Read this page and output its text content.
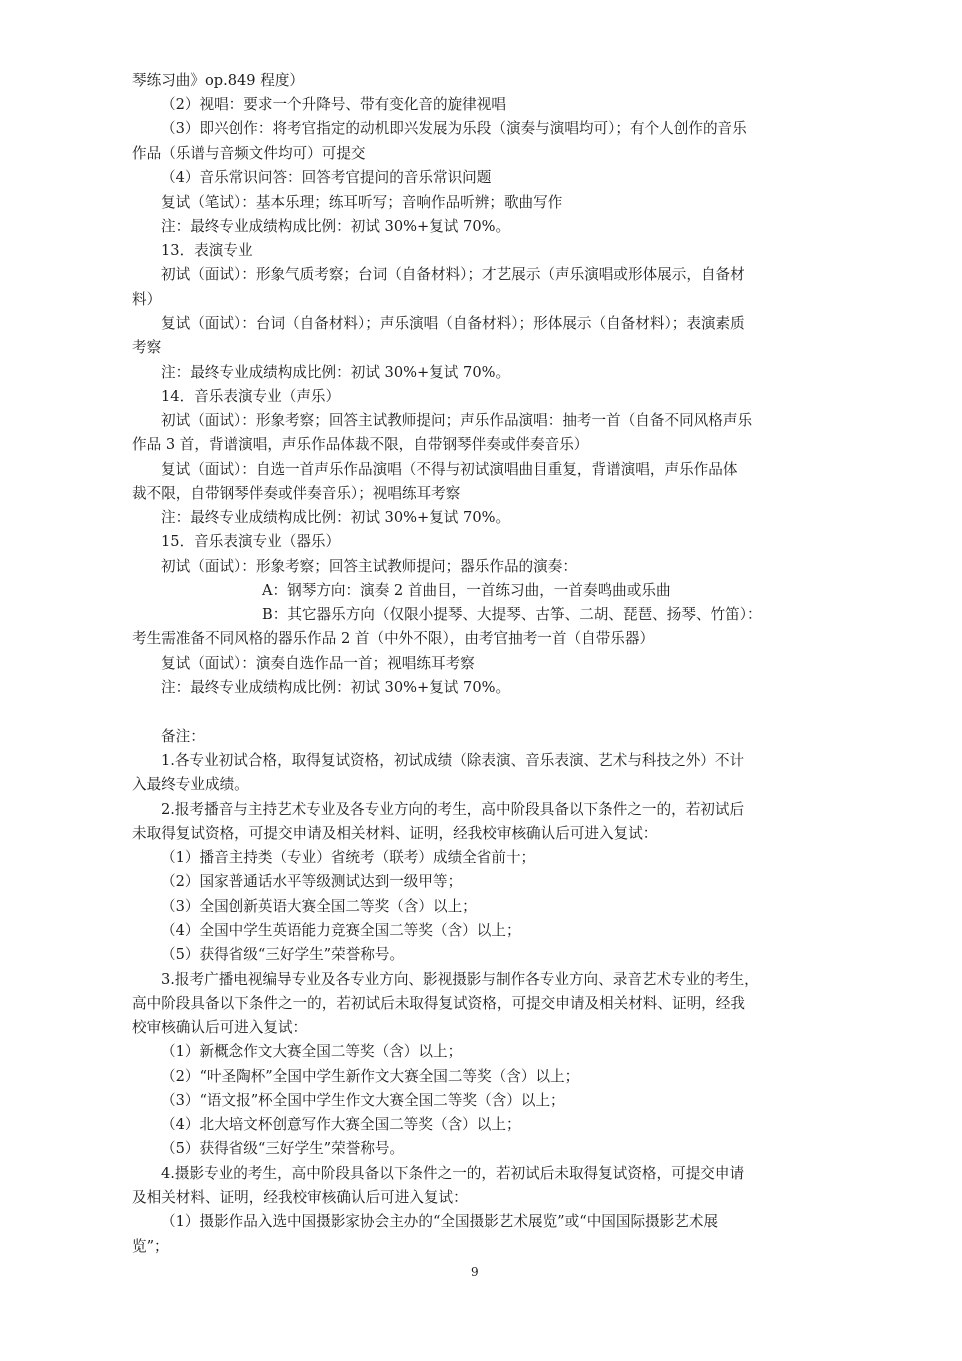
琴练习曲》op.849 程度）
（2）视唱：要求一个升降号、带有变化音的旋律视唱
（3）即兴创作：将考官指定的动机即兴发展为乐段（演奏与演唱均可）；有个人创作的音乐
作品（乐谱与音频文件均可）可提交
（4）音乐常识问答：回答考官提问的音乐常识问题
复试（笔试）：基本乐理；练耳听写；音响作品听辨；歌曲写作
注：最终专业成绩构成比例：初试 30%+复试 70%。
13．表演专业
初试（面试）：形象气质考察；台词（自备材料）；才艺展示（声乐演唱或形体展示，自备材
料）
复试（面试）：台词（自备材料）；声乐演唱（自备材料）；形体展示（自备材料）；表演素质
考察
注：最终专业成绩构成比例：初试 30%+复试 70%。
14．音乐表演专业（声乐）
初试（面试）：形象考察；回答主试教师提问；声乐作品演唱：抽考一首（自备不同风格声乐
作品 3 首，背谱演唱，声乐作品体裁不限，自带钢琴伴奏或伴奏音乐）
复试（面试）：自选一首声乐作品演唱（不得与初试演唱曲目重复，背谱演唱，声乐作品体
裁不限，自带钢琴伴奏或伴奏音乐）；视唱练耳考察
注：最终专业成绩构成比例：初试 30%+复试 70%。
15．音乐表演专业（器乐）
初试（面试）：形象考察；回答主试教师提问；器乐作品的演奏：
A：钢琴方向：演奏 2 首曲目，一首练习曲，一首奏鸣曲或乐曲
B：其它器乐方向（仅限小提琴、大提琴、古筝、二胡、琵琶、扬琴、竹笛）：
考生需准备不同风格的器乐作品 2 首（中外不限），由考官抽考一首（自带乐器）
复试（面试）：演奏自选作品一首；视唱练耳考察
注：最终专业成绩构成比例：初试 30%+复试 70%。
备注：
1.各专业初试合格，取得复试资格，初试成绩（除表演、音乐表演、艺术与科技之外）不计
入最终专业成绩。
2.报考播音与主持艺术专业及各专业方向的考生，高中阶段具备以下条件之一的，若初试后
未取得复试资格，可提交申请及相关材料、证明，经我校审核确认后可进入复试：
（1）播音主持类（专业）省统考（联考）成绩全省前十；
（2）国家普通话水平等级测试达到一级甲等；
（3）全国创新英语大赛全国二等奖（含）以上；
（4）全国中学生英语能力竞赛全国二等奖（含）以上；
（5）获得省级“三好学生”荣誉称号。
3.报考广播电视编导专业及各专业方向、影视摄影与制作各专业方向、录音艺术专业的考生，
高中阶段具备以下条件之一的，若初试后未取得复试资格，可提交申请及相关材料、证明，经我
校审核确认后可进入复试：
（1）新概念作文大赛全国二等奖（含）以上；
（2）“叶圣陶杯”全国中学生新作文大赛全国二等奖（含）以上；
（3）“语文报”杯全国中学生作文大赛全国二等奖（含）以上；
（4）北大培文杯创意写作大赛全国二等奖（含）以上；
（5）获得省级“三好学生”荣誉称号。
4.摄影专业的考生，高中阶段具备以下条件之一的，若初试后未取得复试资格，可提交申请
及相关材料、证明，经我校审核确认后可进入复试：
（1）摄影作品入选中国摄影家协会主办的“全国摄影艺术展览”或“中国国际摄影艺术展
览”；
9
